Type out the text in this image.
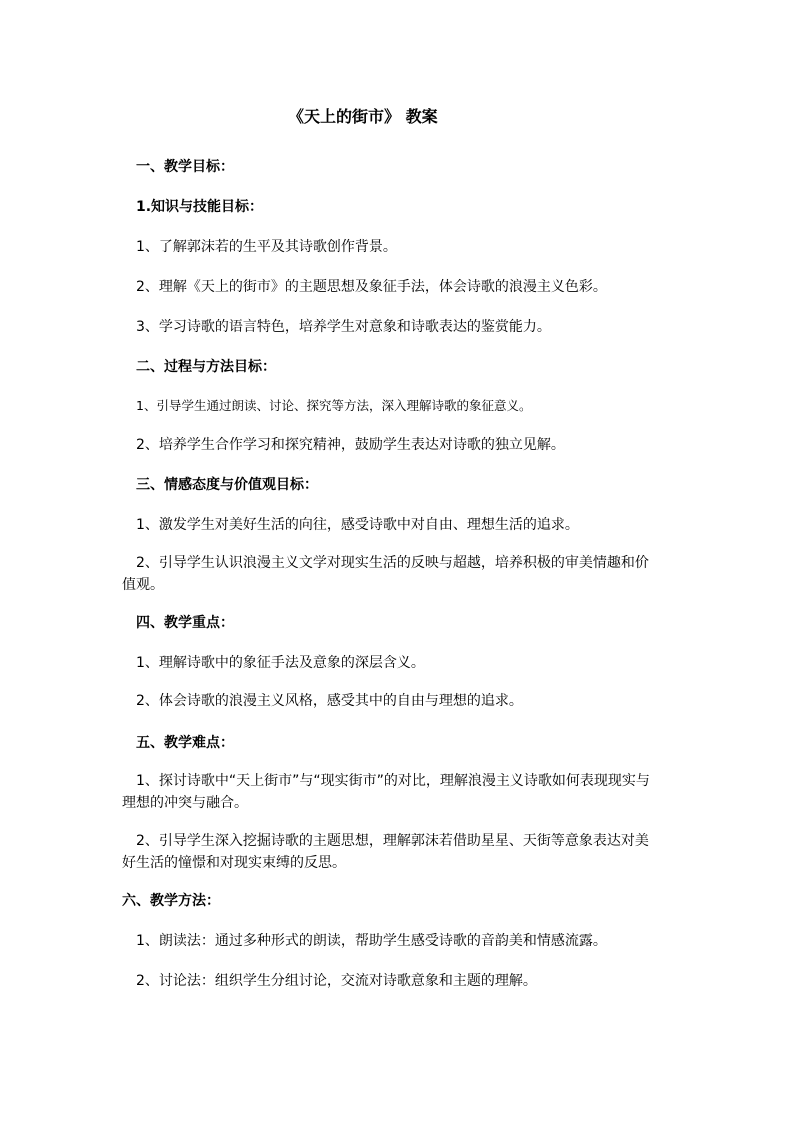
《天上的街市》 教案
一、教学目标：
1.知识与技能目标：
1、了解郭沫若的生平及其诗歌创作背景。
2、理解《天上的街市》的主题思想及象征手法，体会诗歌的浪漫主义色彩。
3、学习诗歌的语言特色，培养学生对意象和诗歌表达的鉴赏能力。
二、过程与方法目标：
1、引导学生通过朗读、讨论、探究等方法，深入理解诗歌的象征意义。
2、培养学生合作学习和探究精神，鼓励学生表达对诗歌的独立见解。
三、情感态度与价值观目标：
1、激发学生对美好生活的向往，感受诗歌中对自由、理想生活的追求。
2、引导学生认识浪漫主义文学对现实生活的反映与超越，培养积极的审美情趣和价值观。
四、教学重点：
1、理解诗歌中的象征手法及意象的深层含义。
2、体会诗歌的浪漫主义风格，感受其中的自由与理想的追求。
五、教学难点：
1、探讨诗歌中“天上街市”与“现实街市”的对比，理解浪漫主义诗歌如何表现现实与理想的冲突与融合。
2、引导学生深入挖掘诗歌的主题思想，理解郭沫若借助星星、天街等意象表达对美好生活的憧憬和对现实束缚的反思。
六、教学方法：
1、朗读法：通过多种形式的朗读，帮助学生感受诗歌的音韵美和情感流露。
2、讨论法：组织学生分组讨论，交流对诗歌意象和主题的理解。
